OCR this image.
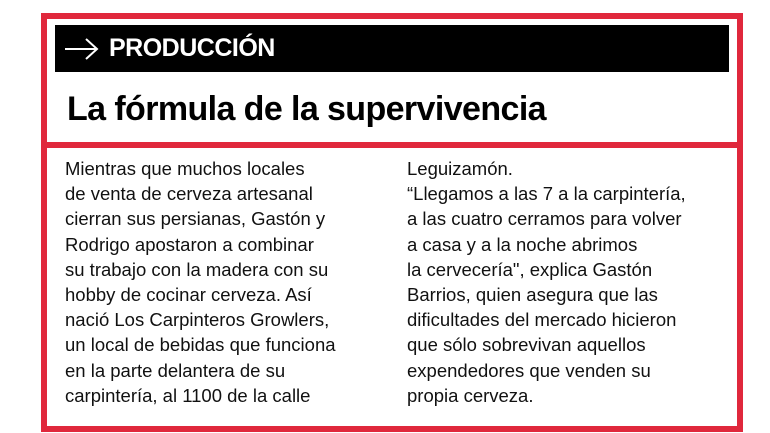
PRODUCCIÓN
La fórmula de la supervivencia

Mientras que muchos locales
de venta de cerveza artesanal
cierran sus persianas, Gastón y
Rodrigo apostaron a combinar
su trabajo con la madera con su
hobby de cocinar cerveza. Así
nació Los Carpinteros Growlers,
un local de bebidas que funciona
en la parte delantera de su
carpintería, al 1100 de la calle

Leguizamón.
“Llegamos a las 7 a la carpintería,
a las cuatro cerramos para volver
a casa y a la noche abrimos
la cervecería", explica Gastón
Barrios, quien asegura que las
dificultades del mercado hicieron
que sólo sobrevivan aquellos
expendedores que venden su
propia cerveza.
